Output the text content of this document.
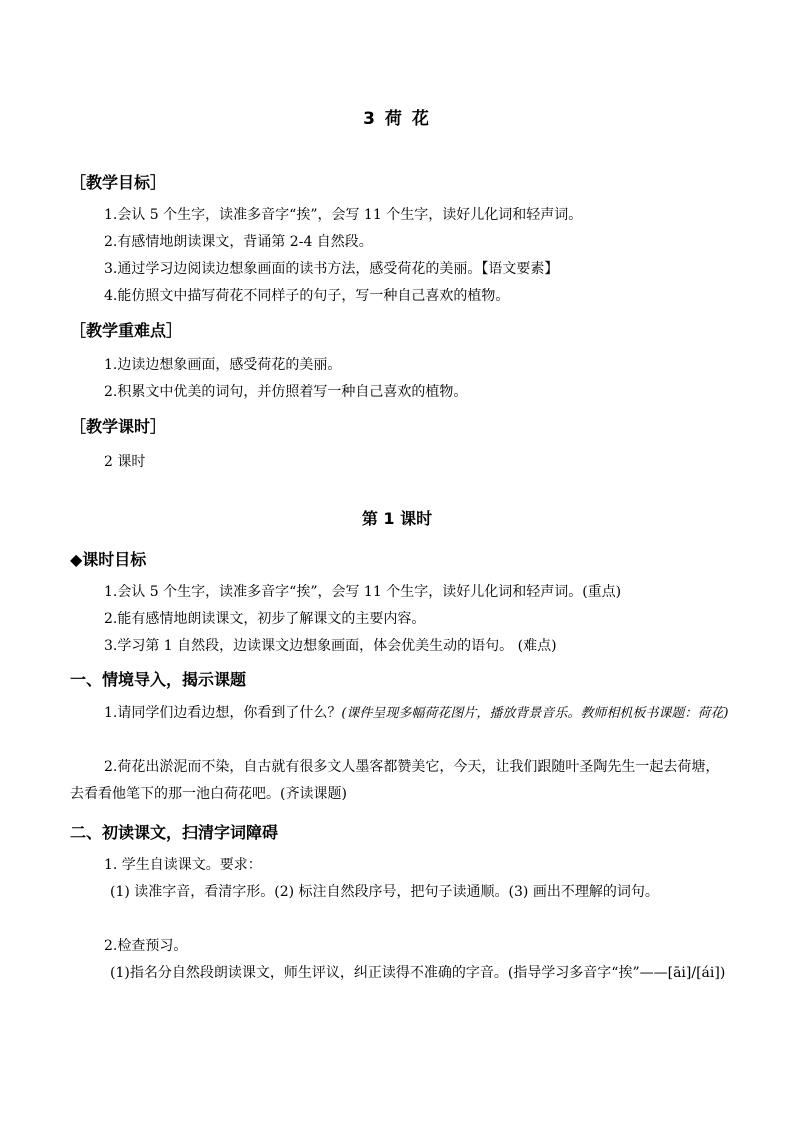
3 荷 花
［教学目标］
1.会认 5 个生字，读准多音字“挨”，会写 11 个生字，读好儿化词和轻声词。
2.有感情地朗读课文，背诵第 2-4 自然段。
3.通过学习边阅读边想象画面的读书方法，感受荷花的美丽。【语文要素】
4.能仿照文中描写荷花不同样子的句子，写一种自己喜欢的植物。
［教学重难点］
1.边读边想象画面，感受荷花的美丽。
2.积累文中优美的词句，并仿照着写一种自己喜欢的植物。
［教学课时］
2 课时
第 1 课时
◆课时目标
1.会认 5 个生字，读准多音字“挨”，会写 11 个生字，读好儿化词和轻声词。(重点)
2.能有感情地朗读课文，初步了解课文的主要内容。
3.学习第 1 自然段，边读课文边想象画面，体会优美生动的语句。 (难点)
一、情境导入，揭示课题
1.请同学们边看边想，你看到了什么？(课件呈现多幅荷花图片，播放背景音乐。教师相机板书课题：荷花)
2.荷花出淤泥而不染，自古就有很多文人墨客都赞美它，今天，让我们跟随叶圣陶先生一起去荷塘，去看看他笔下的那一池白荷花吧。(齐读课题)
二、初读课文，扫清字词障碍
1. 学生自读课文。要求：
(1) 读准字音，看清字形。(2) 标注自然段序号，把句子读通顺。(3) 画出不理解的词句。
2.检查预习。
(1)指名分自然段朗读课文，师生评议，纠正读得不准确的字音。(指导学习多音字“挨”——[āi]/[ái])
